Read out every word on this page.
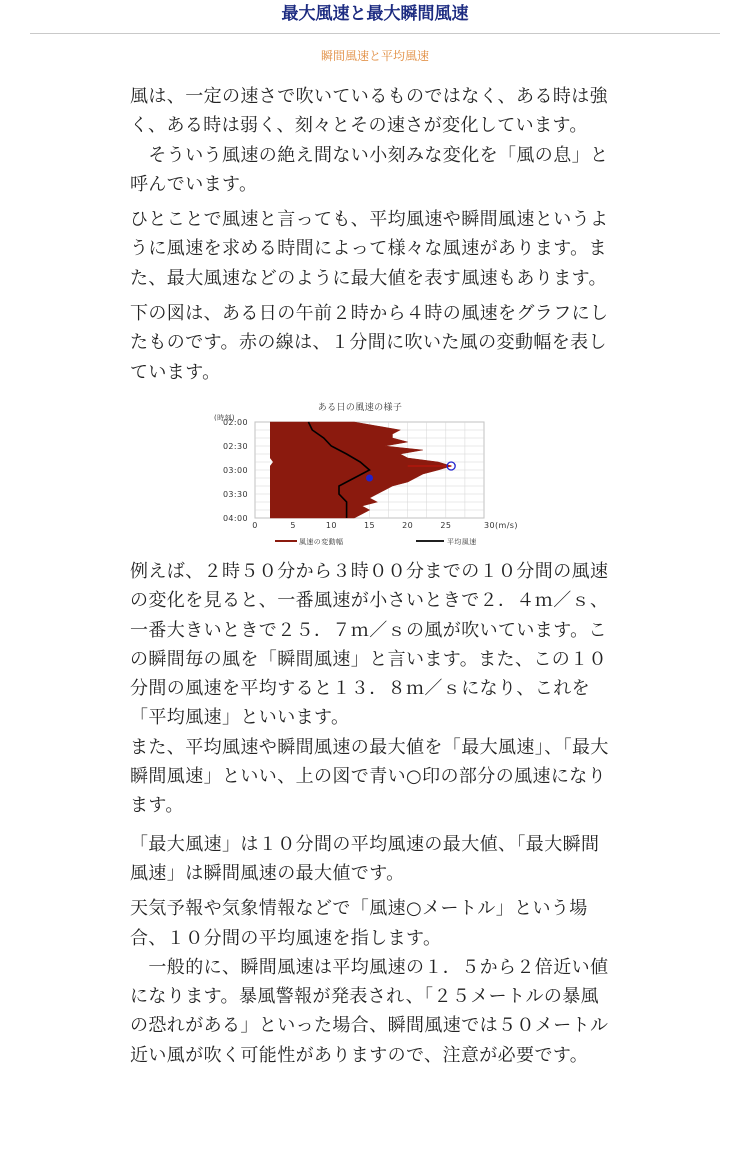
最大風速と最大瞬間風速
瞬間風速と平均風速

風は、一定の速さで吹いているものではなく、ある時は強く、ある時は弱く、刻々とその速さが変化しています。

　そういう風速の絶え間ない小刻みな変化を「風の息」と呼んでいます。

ひとことで風速と言っても、平均風速や瞬間風速というように風速を求める時間によって様々な風速があります。また、最大風速などのように最大値を表す風速もあります。

下の図は、ある日の午前２時から４時の風速をグラフにしたものです。赤の線は、１分間に吹いた風の変動幅を表しています。

ある日の風速の様子
(時刻)
02:00
02:30
03:00
03:30
04:00
0	5	10	15	20	25	30(m/s)
風速の変動幅	平均風速

例えば、２時５０分から３時００分までの１０分間の風速の変化を見ると、一番風速が小さいときで２．４ｍ／ｓ、一番大きいときで２５．７ｍ／ｓの風が吹いています。この瞬間毎の風を「瞬間風速」と言います。また、この１０分間の風速を平均すると１３．８ｍ／ｓになり、これを「平均風速」といいます。

また、平均風速や瞬間風速の最大値を「最大風速」、「最大瞬間風速」といい、上の図で青い○印の部分の風速になります。

「最大風速」は１０分間の平均風速の最大値、「最大瞬間風速」は瞬間風速の最大値です。

天気予報や気象情報などで「風速○メートル」という場合、１０分間の平均風速を指します。

　一般的に、瞬間風速は平均風速の１．５から２倍近い値になります。暴風警報が発表され、「２５メートルの暴風の恐れがある」といった場合、瞬間風速では５０メートル近い風が吹く可能性がありますので、注意が必要です。
